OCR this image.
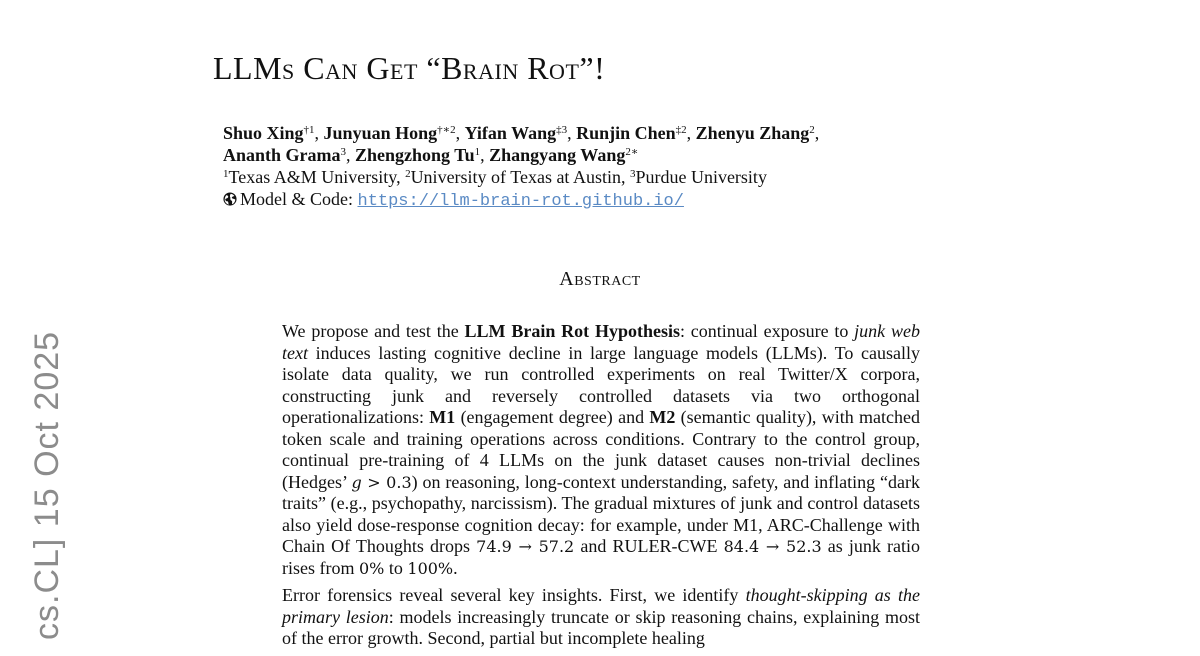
cs.CL] 15 Oct 2025
LLMs Can Get “Brain Rot”!
Shuo Xing$^{\dagger 1}$, Junyuan Hong$^{\dagger∗2}$, Yifan Wang$^{\ddagger 3}$, Runjin Chen$^{\ddagger 2}$, Zhenyu Zhang$^2$,
Ananth Grama$^3$, Zhengzhong Tu$^1$, Zhangyang Wang$^{2∗}$
$^1$Texas A&M University, $^2$University of Texas at Austin, $^3$Purdue University
Model & Code: https://llm-brain-rot.github.io/
Abstract

We propose and test the LLM Brain Rot Hypothesis: continual exposure to junk web text induces lasting cognitive decline in large language models (LLMs). To causally isolate data quality, we run controlled experiments on real Twitter/X corpora, constructing junk and reversely controlled datasets via two orthogonal operationalizations: M1 (engagement degree) and M2 (semantic quality), with matched token scale and training operations across conditions. Contrary to the control group, continual pre-training of 4 LLMs on the junk dataset causes non-trivial declines (Hedges’ g > 0.3) on reasoning, long-context understanding, safety, and inflating “dark traits” (e.g., psychopathy, narcissism). The gradual mixtures of junk and control datasets also yield dose-response cognition decay: for example, under M1, ARC-Challenge with Chain Of Thoughts drops 74.9 → 57.2 and RULER-CWE 84.4 → 52.3 as junk ratio rises from 0% to 100%.

Error forensics reveal several key insights. First, we identify thought-skipping as the primary lesion: models increasingly truncate or skip reasoning chains, explaining most of the error growth. Second, partial but incomplete healing
